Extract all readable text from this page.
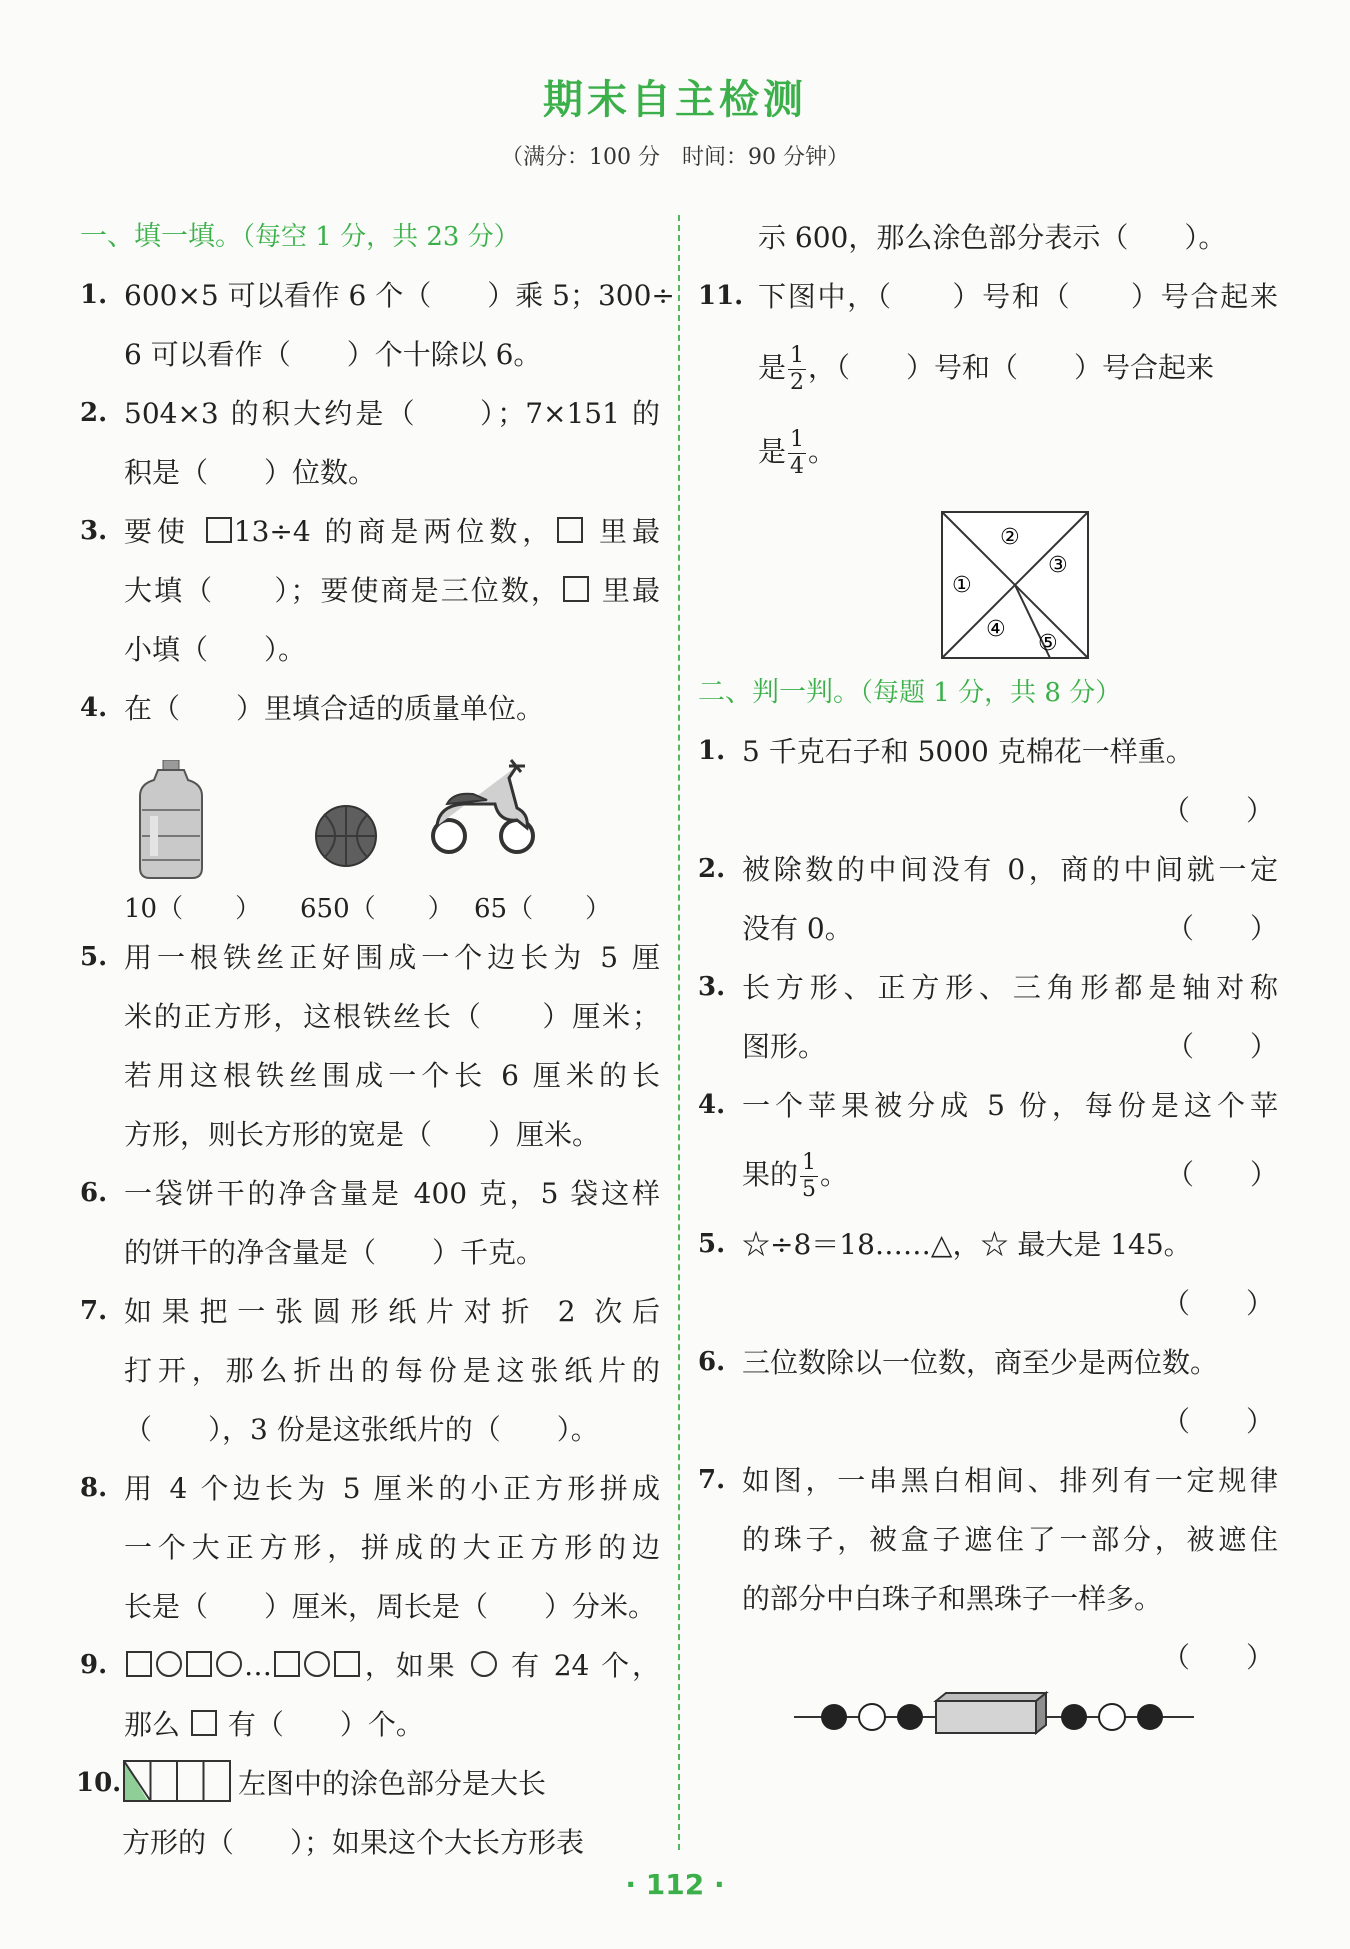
期末自主检测
（满分：100 分　时间：90 分钟）
一、填一填。（每空 1 分，共 23 分）
1. 600×5 可以看作 6 个（　　）乘 5；300÷
6 可以看作（　　）个十除以 6。
2. 504×3 的积大约是（　　）；7×151 的
积是（　　）位数。
3. 要使 13÷4 的商是两位数， 里最
大填（　　）；要使商是三位数， 里最
小填（　　）。
4. 在（　　）里填合适的质量单位。
10（　　） 650（　　） 65（　　）
5. 用一根铁丝正好围成一个边长为 5 厘
米的正方形，这根铁丝长（　　）厘米；
若用这根铁丝围成一个长 6 厘米的长
方形，则长方形的宽是（　　）厘米。
6. 一袋饼干的净含量是 400 克，5 袋这样
的饼干的净含量是（　　）千克。
7. 如果把一张圆形纸片对折 2 次后
打开，那么折出的每份是这张纸片的
（　　），3 份是这张纸片的（　　）。
8. 用 4 个边长为 5 厘米的小正方形拼成
一个大正方形，拼成的大正方形的边
长是（　　）厘米，周长是（　　）分米。
9.	…	，如果 有 24 个，
那么 有（　　）个。
10.	左图中的涂色部分是大长
方形的（　　）；如果这个大长方形表
示 600，那么涂色部分表示（　　）。
11. 下图中，（　　）号和（　　）号合起来
是 $\frac{1}{2}$ ，（　　）号和（　　）号合起来
是 $\frac{1}{4}$ 。
②
①
③
④
⑤
二、判一判。（每题 1 分，共 8 分）
1. 5 千克石子和 5000 克棉花一样重。
（　　）
2. 被除数的中间没有 0，商的中间就一定
没有 0。	（　　）
3. 长方形、正方形、三角形都是轴对称
图形。	（　　）
4. 一个苹果被分成 5 份，每份是这个苹
果的 $\frac{1}{5}$ 。	（　　）
5. ☆÷8＝18……△，☆ 最大是 145。
（　　）
6. 三位数除以一位数，商至少是两位数。
（　　）
7. 如图，一串黑白相间、排列有一定规律
的珠子，被盒子遮住了一部分，被遮住
的部分中白珠子和黑珠子一样多。
（　　）
· 112 ·
